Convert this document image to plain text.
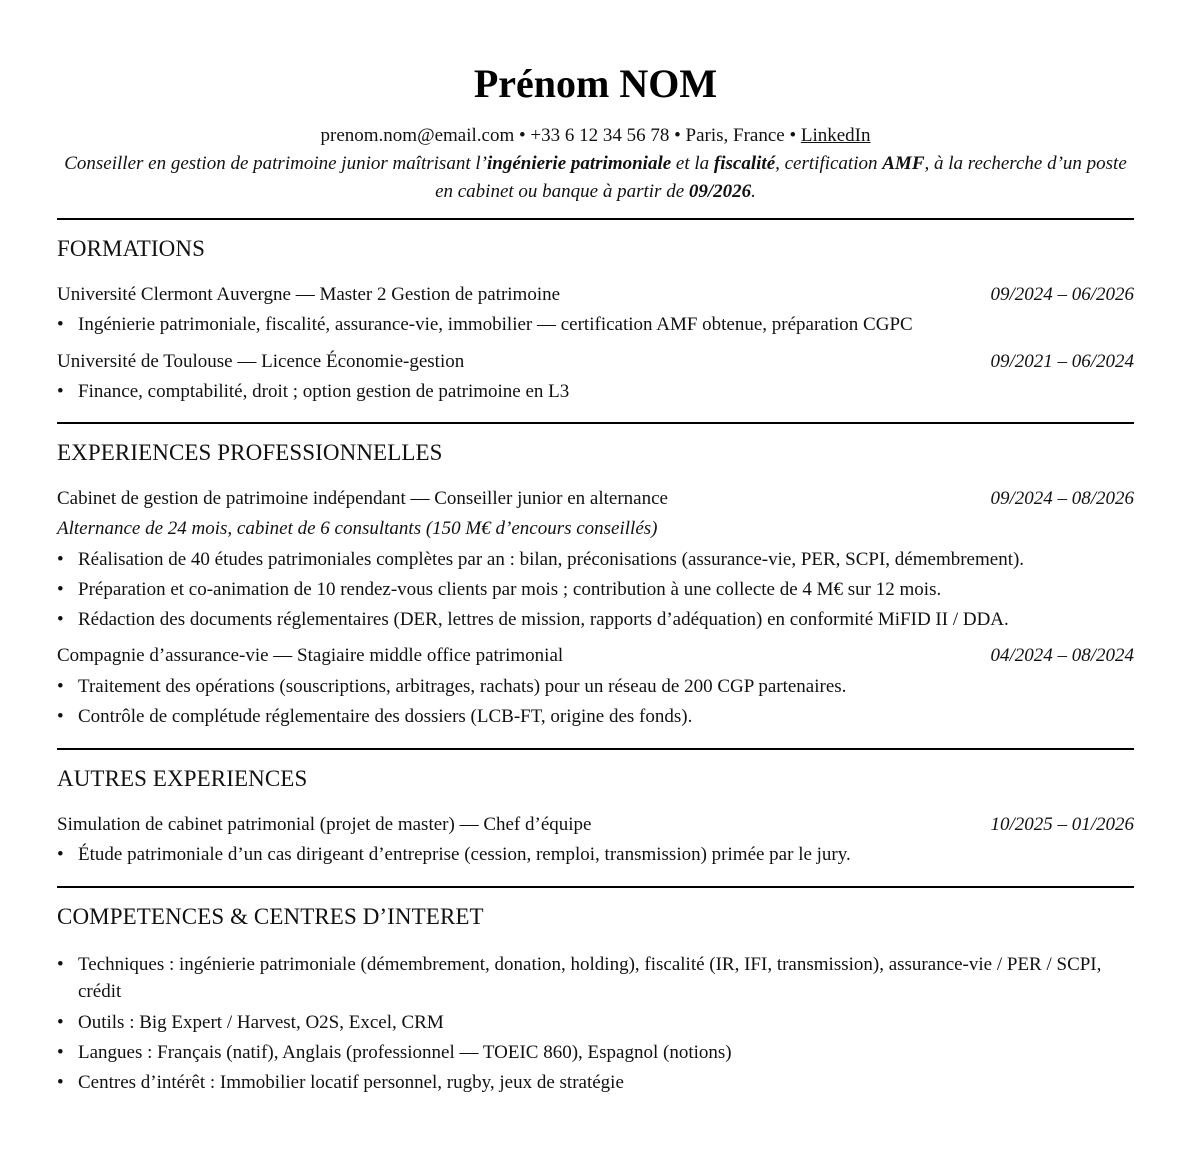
Prénom NOM

prenom.nom@email.com • +33 6 12 34 56 78 • Paris, France • LinkedIn

Conseiller en gestion de patrimoine junior maîtrisant l’ingénierie patrimoniale et la fiscalité, certification AMF, à la recherche d’un poste en cabinet ou banque à partir de 09/2026.

FORMATIONS
Université Clermont Auvergne — Master 2 Gestion de patrimoine	09/2024 – 06/2026
• Ingénierie patrimoniale, fiscalité, assurance-vie, immobilier — certification AMF obtenue, préparation CGPC
Université de Toulouse — Licence Économie-gestion	09/2021 – 06/2024
• Finance, comptabilité, droit ; option gestion de patrimoine en L3
EXPERIENCES PROFESSIONNELLES
Cabinet de gestion de patrimoine indépendant — Conseiller junior en alternance	09/2024 – 08/2026
Alternance de 24 mois, cabinet de 6 consultants (150 M€ d’encours conseillés)
• Réalisation de 40 études patrimoniales complètes par an : bilan, préconisations (assurance-vie, PER, SCPI, démembrement).
• Préparation et co-animation de 10 rendez-vous clients par mois ; contribution à une collecte de 4 M€ sur 12 mois.
• Rédaction des documents réglementaires (DER, lettres de mission, rapports d’adéquation) en conformité MiFID II / DDA.
Compagnie d’assurance-vie — Stagiaire middle office patrimonial	04/2024 – 08/2024
• Traitement des opérations (souscriptions, arbitrages, rachats) pour un réseau de 200 CGP partenaires.
• Contrôle de complétude réglementaire des dossiers (LCB-FT, origine des fonds).
AUTRES EXPERIENCES
Simulation de cabinet patrimonial (projet de master) — Chef d’équipe	10/2025 – 01/2026
• Étude patrimoniale d’un cas dirigeant d’entreprise (cession, remploi, transmission) primée par le jury.
COMPETENCES & CENTRES D’INTERET
• Techniques : ingénierie patrimoniale (démembrement, donation, holding), fiscalité (IR, IFI, transmission), assurance-vie / PER / SCPI, crédit
• Outils : Big Expert / Harvest, O2S, Excel, CRM
• Langues : Français (natif), Anglais (professionnel — TOEIC 860), Espagnol (notions)
• Centres d’intérêt : Immobilier locatif personnel, rugby, jeux de stratégie
